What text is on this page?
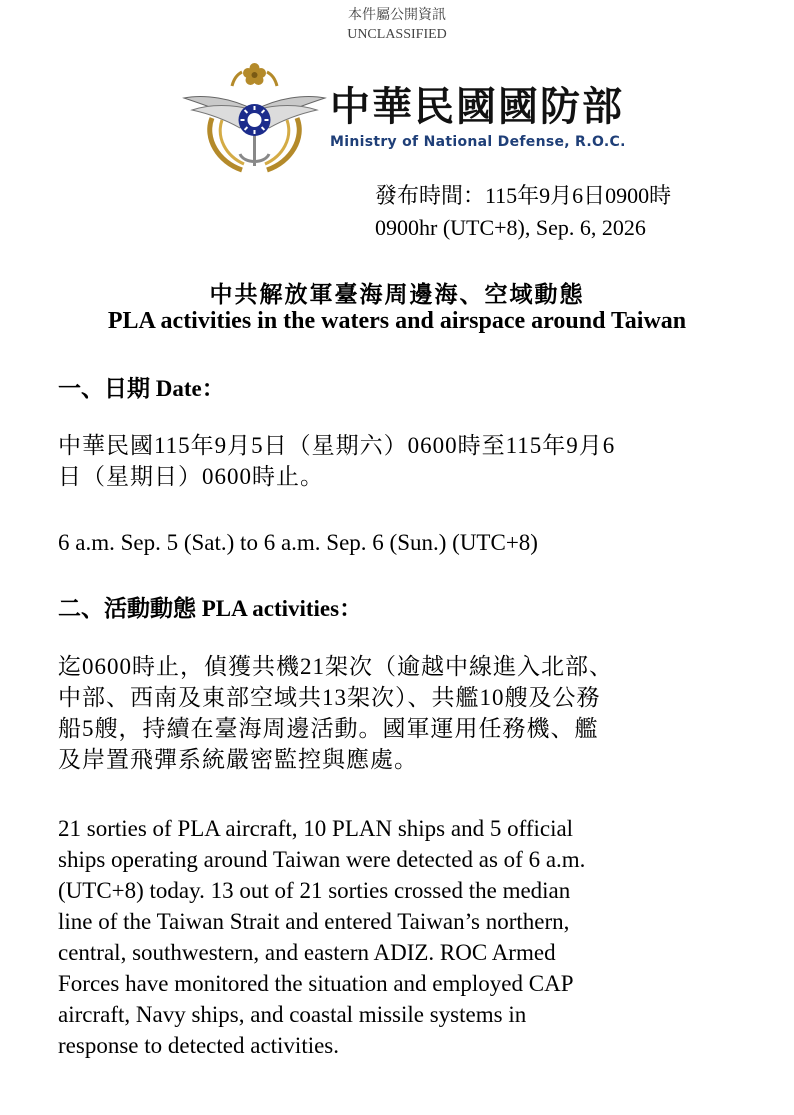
本件屬公開資訊
UNCLASSIFIED
中華民國國防部
Ministry of National Defense, R.O.C.
發布時間：115年9月6日0900時
0900hr (UTC+8), Sep. 6, 2026
中共解放軍臺海周邊海、空域動態
PLA activities in the waters and airspace around Taiwan
一、日期 Date：
中華民國115年9月5日（星期六）0600時至115年9月6
日（星期日）0600時止。
6 a.m. Sep. 5 (Sat.) to 6 a.m. Sep. 6 (Sun.) (UTC+8)
二、活動動態 PLA activities：
迄0600時止，偵獲共機21架次（逾越中線進入北部、
中部、西南及東部空域共13架次）、共艦10艘及公務
船5艘，持續在臺海周邊活動。國軍運用任務機、艦
及岸置飛彈系統嚴密監控與應處。
21 sorties of PLA aircraft, 10 PLAN ships and 5 official
ships operating around Taiwan were detected as of 6 a.m.
(UTC+8) today. 13 out of 21 sorties crossed the median
line of the Taiwan Strait and entered Taiwan’s northern,
central, southwestern, and eastern ADIZ. ROC Armed
Forces have monitored the situation and employed CAP
aircraft, Navy ships, and coastal missile systems in
response to detected activities.
